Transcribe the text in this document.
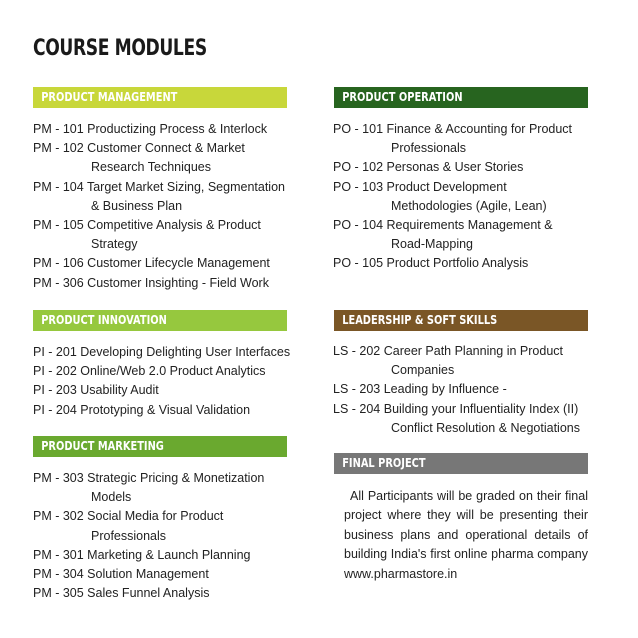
COURSE MODULES
PRODUCT MANAGEMENT
PM - 101 Productizing Process & Interlock
PM - 102 Customer Connect & Market
Research Techniques
PM - 104 Target Market Sizing, Segmentation
& Business Plan
PM - 105 Competitive Analysis & Product
Strategy
PM - 106 Customer Lifecycle Management
PM - 306 Customer Insighting - Field Work
PRODUCT INNOVATION
PI - 201 Developing Delighting User Interfaces
PI - 202 Online/Web 2.0 Product Analytics
PI - 203 Usability Audit
PI - 204 Prototyping & Visual Validation
PRODUCT MARKETING
PM - 303 Strategic Pricing & Monetization
Models
PM - 302 Social Media for Product
Professionals
PM - 301 Marketing & Launch Planning
PM - 304 Solution Management
PM - 305 Sales Funnel Analysis
PRODUCT OPERATION
PO - 101 Finance & Accounting for Product
Professionals
PO - 102 Personas & User Stories
PO - 103 Product Development
Methodologies (Agile, Lean)
PO - 104 Requirements Management &
Road-Mapping
PO - 105 Product Portfolio Analysis
LEADERSHIP & SOFT SKILLS
LS - 202 Career Path Planning in Product
Companies
LS - 203 Leading by Influence -
LS - 204 Building your Influentiality Index (II)
Conflict Resolution & Negotiations
FINAL PROJECT
All Participants will be graded on their final project where they will be presenting their business plans and operational details of building India's first online pharma company www.pharmastore.in
